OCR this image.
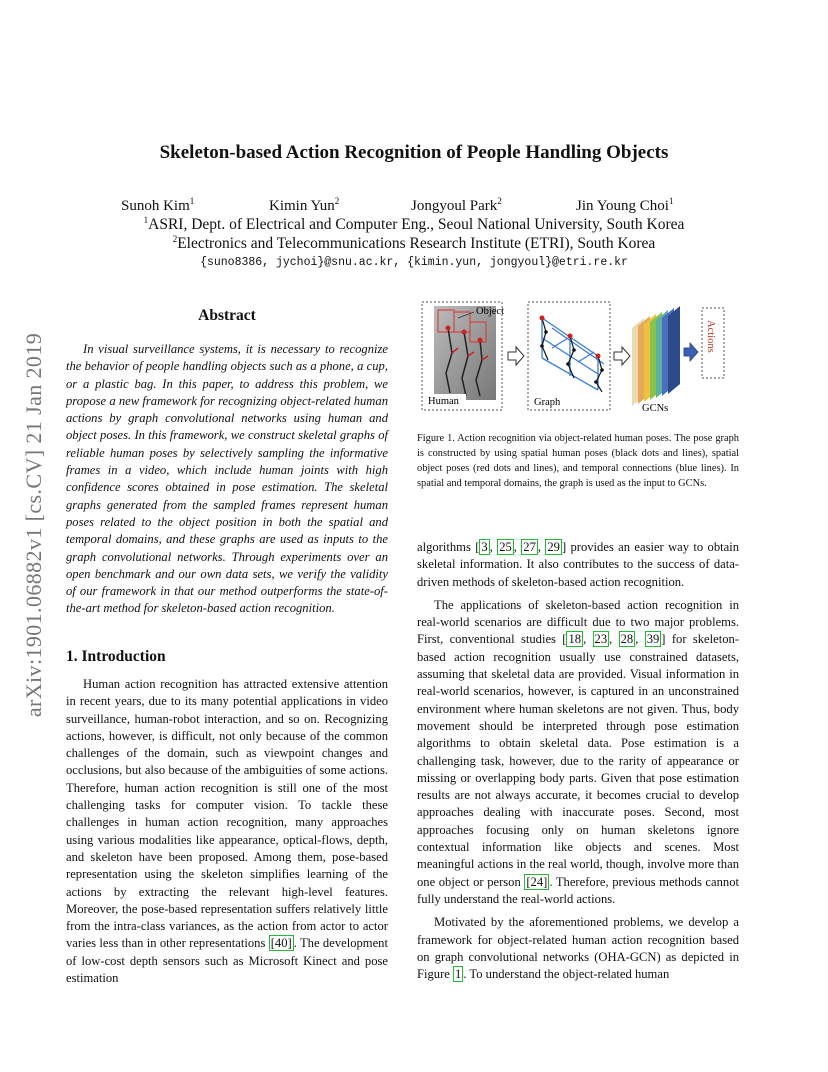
Skeleton-based Action Recognition of People Handling Objects
Sunoh Kim$^1$	Kimin Yun$^2$	Jongyoul Park$^2$	Jin Young Choi$^1$
$^1$ASRI, Dept. of Electrical and Computer Eng., Seoul National University, South Korea
$^2$Electronics and Telecommunications Research Institute (ETRI), South Korea
{suno8386, jychoi}@snu.ac.kr, {kimin.yun, jongyoul}@etri.re.kr
arXiv:1901.06882v1 [cs.CV] 21 Jan 2019
Abstract
In visual surveillance systems, it is necessary to recognize the behavior of people handling objects such as a phone, a cup, or a plastic bag. In this paper, to address this problem, we propose a new framework for recognizing object-related human actions by graph convolutional networks using human and object poses. In this framework, we construct skeletal graphs of reliable human poses by selectively sampling the informative frames in a video, which include human joints with high confidence scores obtained in pose estimation. The skeletal graphs generated from the sampled frames represent human poses related to the object position in both the spatial and temporal domains, and these graphs are used as inputs to the graph convolutional networks. Through experiments over an open benchmark and our own data sets, we verify the validity of our framework in that our method outperforms the state-of-the-art method for skeleton-based action recognition.
1. Introduction
Human action recognition has attracted extensive attention in recent years, due to its many potential applications in video surveillance, human-robot interaction, and so on. Recognizing actions, however, is difficult, not only because of the common challenges of the domain, such as viewpoint changes and occlusions, but also because of the ambiguities of some actions. Therefore, human action recognition is still one of the most challenging tasks for computer vision. To tackle these challenges in human action recognition, many approaches using various modalities like appearance, optical-flows, depth, and skeleton have been proposed. Among them, pose-based representation using the skeleton simplifies learning of the actions by extracting the relevant high-level features. Moreover, the pose-based representation suffers relatively little from the intra-class variances, as the action from actor to actor varies less than in other representations [40] . The development of low-cost depth sensors such as Microsoft Kinect and pose estimation
Object
Human	Graph
GCNs
Actions
Figure 1. Action recognition via object-related human poses. The pose graph is constructed by using spatial human poses (black dots and lines), spatial object poses (red dots and lines), and temporal connections (blue lines). In spatial and temporal domains, the graph is used as the input to GCNs.

algorithms [ 3 , 25 , 27 , 29 ] provides an easier way to obtain skeletal information. It also contributes to the success of data-driven methods of skeleton-based action recognition.

The applications of skeleton-based action recognition in real-world scenarios are difficult due to two major problems. First, conventional studies [ 18 , 23 , 28 , 39 ] for skeleton-based action recognition usually use constrained datasets, assuming that skeletal data are provided. Visual information in real-world scenarios, however, is captured in an unconstrained environment where human skeletons are not given. Thus, body movement should be interpreted through pose estimation algorithms to obtain skeletal data. Pose estimation is a challenging task, however, due to the rarity of appearance or missing or overlapping body parts. Given that pose estimation results are not always accurate, it becomes crucial to develop approaches dealing with inaccurate poses. Second, most approaches focusing only on human skeletons ignore contextual information like objects and scenes. Most meaningful actions in the real world, though, involve more than one object or person [24] . Therefore, previous methods cannot fully understand the real-world actions.

Motivated by the aforementioned problems, we develop a framework for object-related human action recognition based on graph convolutional networks (OHA-GCN) as depicted in Figure 1 . To understand the object-related human
